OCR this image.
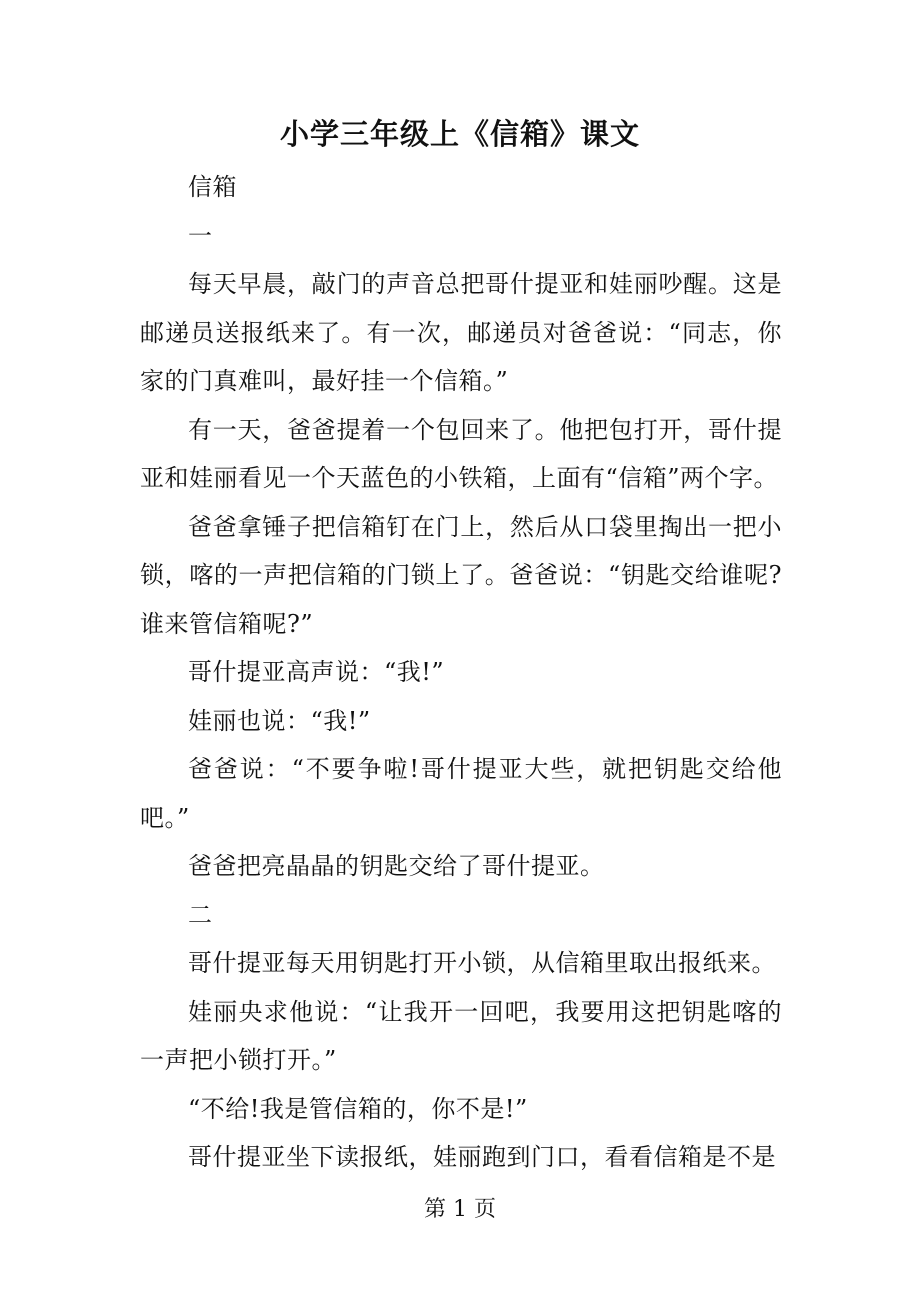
小学三年级上《信箱》课文

信箱

一

每天早晨，敲门的声音总把哥什提亚和娃丽吵醒。这是邮递员送报纸来了。有一次，邮递员对爸爸说：“同志，你家的门真难叫，最好挂一个信箱。”

有一天，爸爸提着一个包回来了。他把包打开，哥什提亚和娃丽看见一个天蓝色的小铁箱，上面有“信箱”两个字。

爸爸拿锤子把信箱钉在门上，然后从口袋里掏出一把小锁，喀的一声把信箱的门锁上了。爸爸说：“钥匙交给谁呢?谁来管信箱呢?”

哥什提亚高声说：“我!”

娃丽也说：“我!”

爸爸说：“不要争啦!哥什提亚大些，就把钥匙交给他吧。”

爸爸把亮晶晶的钥匙交给了哥什提亚。

二

哥什提亚每天用钥匙打开小锁，从信箱里取出报纸来。

娃丽央求他说：“让我开一回吧，我要用这把钥匙喀的一声把小锁打开。”

“不给!我是管信箱的，你不是!”

哥什提亚坐下读报纸，娃丽跑到门口，看看信箱是不是

第 1 页
